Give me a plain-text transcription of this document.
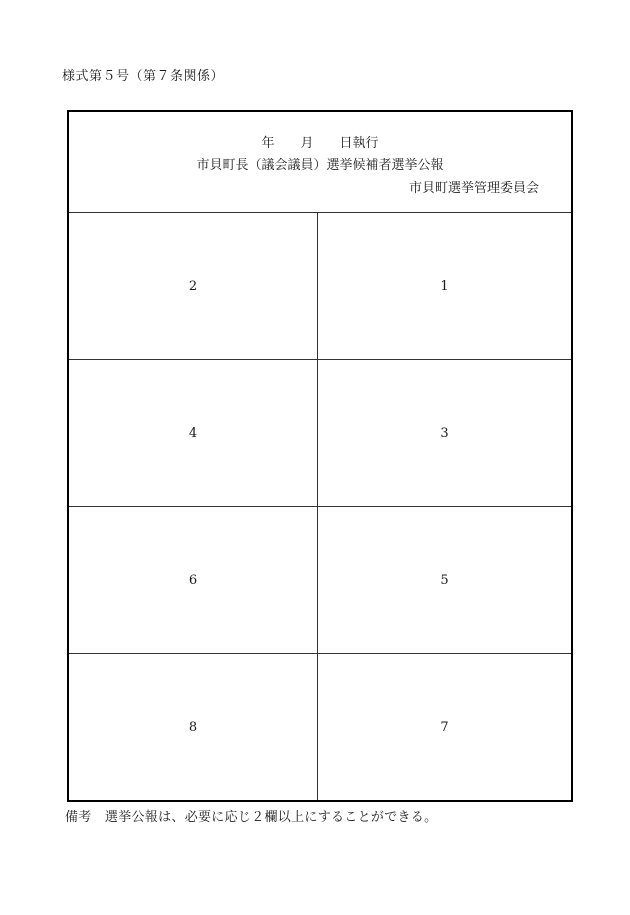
様式第５号（第７条関係）
年　　月　　日執行
市貝町長（議会議員）選挙候補者選挙公報
市貝町選挙管理委員会
2	1
4	3
6	5
8	7
備考　選挙公報は、必要に応じ２欄以上にすることができる。
